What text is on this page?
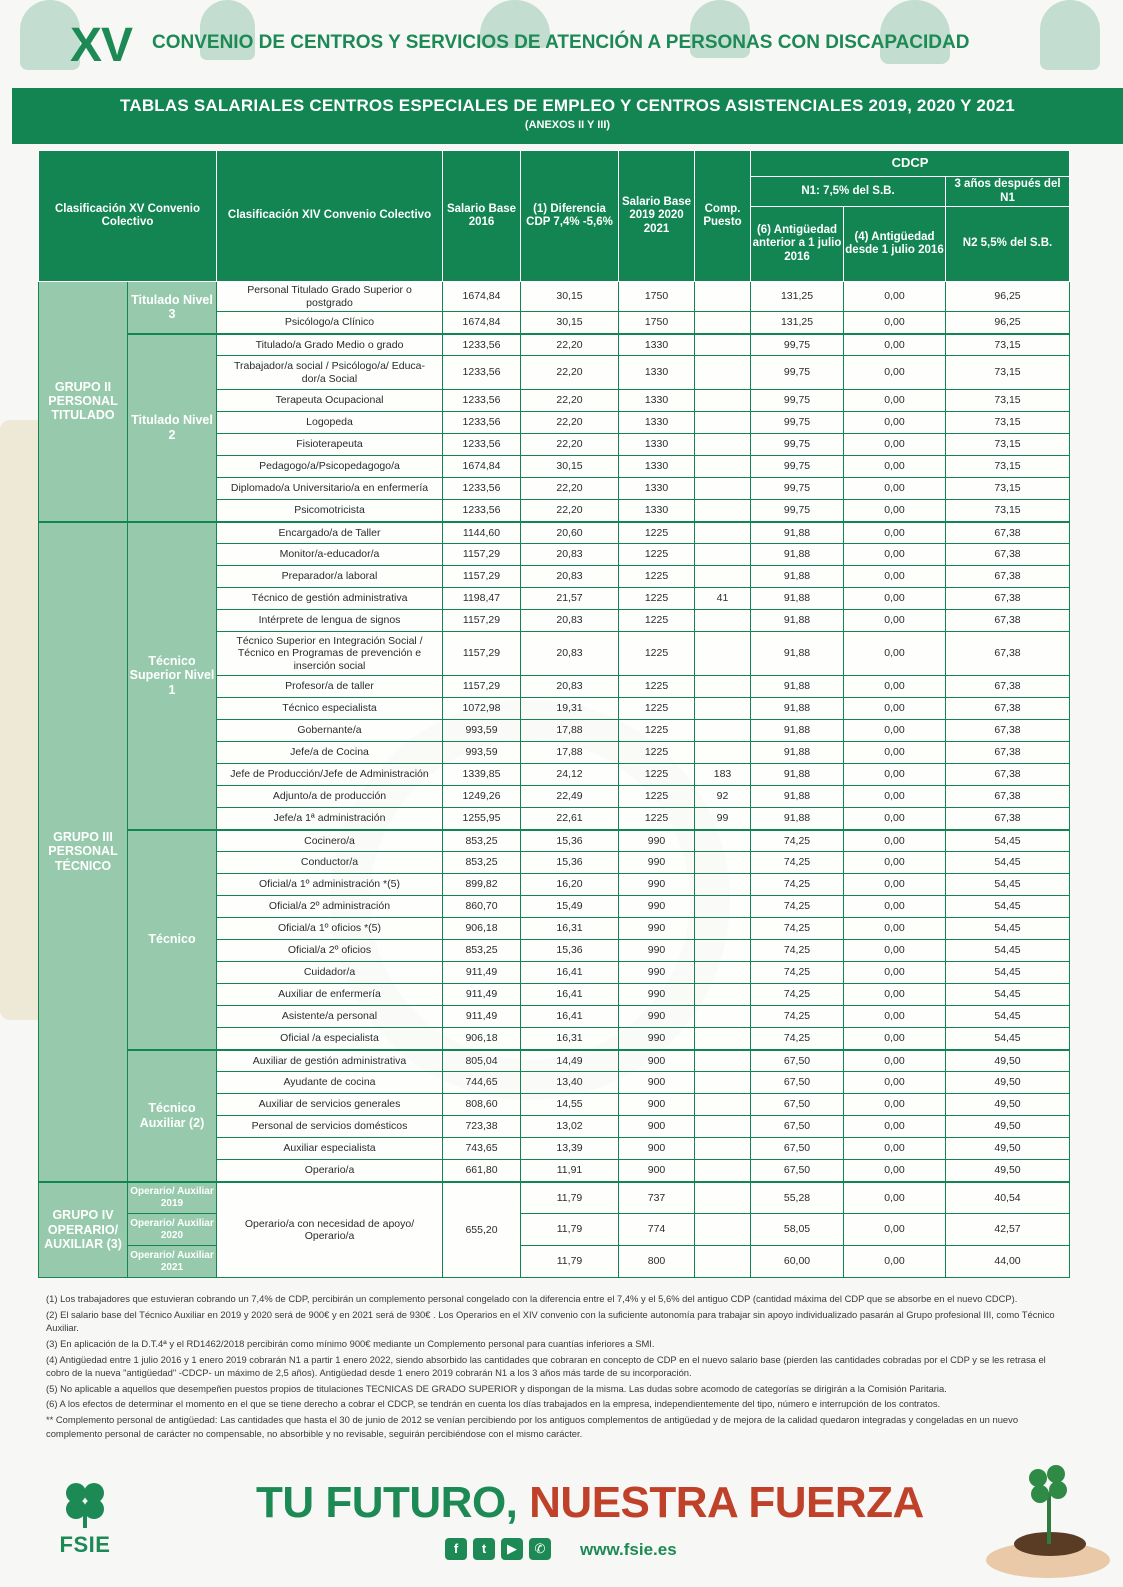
XV CONVENIO DE CENTROS Y SERVICIOS DE ATENCIÓN A PERSONAS CON DISCAPACIDAD
TABLAS SALARIALES CENTROS ESPECIALES DE EMPLEO Y CENTROS ASISTENCIALES 2019, 2020 Y 2021
(ANEXOS II Y III)
Clasificación XV Convenio Colectivo		Clasificación XIV Convenio Colectivo	Salario Base 2016	(1) Diferencia CDP 7,4% -5,6%	Salario Base 2019 2020 2021	Comp. Puesto	CDCP		
							N1: 7,5% del S.B.		3 años después del N1
							(6) Antigüedad anterior a 1 julio 2016	(4) Antigüedad desde 1 julio 2016	N2 5,5% del S.B.
GRUPO II PERSONAL TITULADO	Titulado Nivel 3	Personal Titulado Grado Superior o postgrado	1674,84	30,15	1750		131,25	0,00	96,25
		Psicólogo/a Clínico	1674,84	30,15	1750		131,25	0,00	96,25
	Titulado Nivel 2	Titulado/a Grado Medio o grado	1233,56	22,20	1330		99,75	0,00	73,15
		Trabajador/a social / Psicólogo/a/ Educa-dor/a Social	1233,56	22,20	1330		99,75	0,00	73,15
		Terapeuta Ocupacional	1233,56	22,20	1330		99,75	0,00	73,15
		Logopeda	1233,56	22,20	1330		99,75	0,00	73,15
		Fisioterapeuta	1233,56	22,20	1330		99,75	0,00	73,15
		Pedagogo/a/Psicopedagogo/a	1674,84	30,15	1330		99,75	0,00	73,15
		Diplomado/a Universitario/a en enfermería	1233,56	22,20	1330		99,75	0,00	73,15
		Psicomotricista	1233,56	22,20	1330		99,75	0,00	73,15
GRUPO III PERSONAL TÉCNICO	Técnico Superior Nivel 1	Encargado/a de Taller	1144,60	20,60	1225		91,88	0,00	67,38
		Monitor/a-educador/a	1157,29	20,83	1225		91,88	0,00	67,38
		Preparador/a laboral	1157,29	20,83	1225		91,88	0,00	67,38
		Técnico de gestión administrativa	1198,47	21,57	1225	41	91,88	0,00	67,38
		Intérprete de lengua de signos	1157,29	20,83	1225		91,88	0,00	67,38
		Técnico Superior en Integración Social / Técnico en Programas de prevención e inserción social	1157,29	20,83	1225		91,88	0,00	67,38
		Profesor/a de taller	1157,29	20,83	1225		91,88	0,00	67,38
		Técnico especialista	1072,98	19,31	1225		91,88	0,00	67,38
		Gobernante/a	993,59	17,88	1225		91,88	0,00	67,38
		Jefe/a de Cocina	993,59	17,88	1225		91,88	0,00	67,38
		Jefe de Producción/Jefe de Administración	1339,85	24,12	1225	183	91,88	0,00	67,38
		Adjunto/a de producción	1249,26	22,49	1225	92	91,88	0,00	67,38
		Jefe/a 1ª administración	1255,95	22,61	1225	99	91,88	0,00	67,38
	Técnico	Cocinero/a	853,25	15,36	990		74,25	0,00	54,45
		Conductor/a	853,25	15,36	990		74,25	0,00	54,45
		Oficial/a 1º administración *(5)	899,82	16,20	990		74,25	0,00	54,45
		Oficial/a 2º administración	860,70	15,49	990		74,25	0,00	54,45
		Oficial/a 1º oficios *(5)	906,18	16,31	990		74,25	0,00	54,45
		Oficial/a 2º oficios	853,25	15,36	990		74,25	0,00	54,45
		Cuidador/a	911,49	16,41	990		74,25	0,00	54,45
		Auxiliar de enfermería	911,49	16,41	990		74,25	0,00	54,45
		Asistente/a personal	911,49	16,41	990		74,25	0,00	54,45
		Oficial /a especialista	906,18	16,31	990		74,25	0,00	54,45
	Técnico Auxiliar (2)	Auxiliar de gestión administrativa	805,04	14,49	900		67,50	0,00	49,50
		Ayudante de cocina	744,65	13,40	900		67,50	0,00	49,50
		Auxiliar de servicios generales	808,60	14,55	900		67,50	0,00	49,50
		Personal de servicios domésticos	723,38	13,02	900		67,50	0,00	49,50
		Auxiliar especialista	743,65	13,39	900		67,50	0,00	49,50
		Operario/a	661,80	11,91	900		67,50	0,00	49,50
GRUPO IV OPERARIO/ AUXILIAR (3)	Operario/ Auxiliar 2019	Operario/a con necesidad de apoyo/ Operario/a	655,20	11,79	737		55,28	0,00	40,54
	Operario/ Auxiliar 2020			11,79	774		58,05	0,00	42,57
	Operario/ Auxiliar 2021			11,79	800		60,00	0,00	44,00

(1) Los trabajadores que estuvieran cobrando un 7,4% de CDP, percibirán un complemento personal congelado con la diferencia entre el 7,4% y el 5,6% del antiguo CDP (cantidad máxima del CDP que se absorbe en el nuevo CDCP).

(2) El salario base del Técnico Auxiliar en 2019 y 2020 será de 900€ y en 2021 será de 930€ . Los Operarios en el XIV convenio con la suficiente autonomía para trabajar sin apoyo individualizado pasarán al Grupo profesional III, como Técnico Auxiliar.

(3) En aplicación de la D.T.4ª y el RD1462/2018 percibirán como mínimo 900€ mediante un Complemento personal para cuantías inferiores a SMI.

(4) Antigüedad entre 1 julio 2016 y 1 enero 2019 cobrarán N1 a partir 1 enero 2022, siendo absorbido las cantidades que cobraran en concepto de CDP en el nuevo salario base (pierden las cantidades cobradas por el CDP y se les retrasa el cobro de la nueva "antigüedad" -CDCP- un máximo de 2,5 años). Antigüedad desde 1 enero 2019 cobrarán N1 a los 3 años más tarde de su incorporación.

(5) No aplicable a aquellos que desempeñen puestos propios de titulaciones TECNICAS DE GRADO SUPERIOR y dispongan de la misma. Las dudas sobre acomodo de categorías se dirigirán a la Comisión Paritaria.

(6) A los efectos de determinar el momento en el que se tiene derecho a cobrar el CDCP, se tendrán en cuenta los días trabajados en la empresa, independientemente del tipo, número e interrupción de los contratos.

** Complemento personal de antigüedad: Las cantidades que hasta el 30 de junio de 2012 se venían percibiendo por los antiguos complementos de antigüedad y de mejora de la calidad quedaron integradas y congeladas en un nuevo complemento personal de carácter no compensable, no absorbible y no revisable, seguirán percibiéndose con el mismo carácter.

FSIE
TU FUTURO, NUESTRA FUERZA
f	t	▶	✆	www.fsie.es
